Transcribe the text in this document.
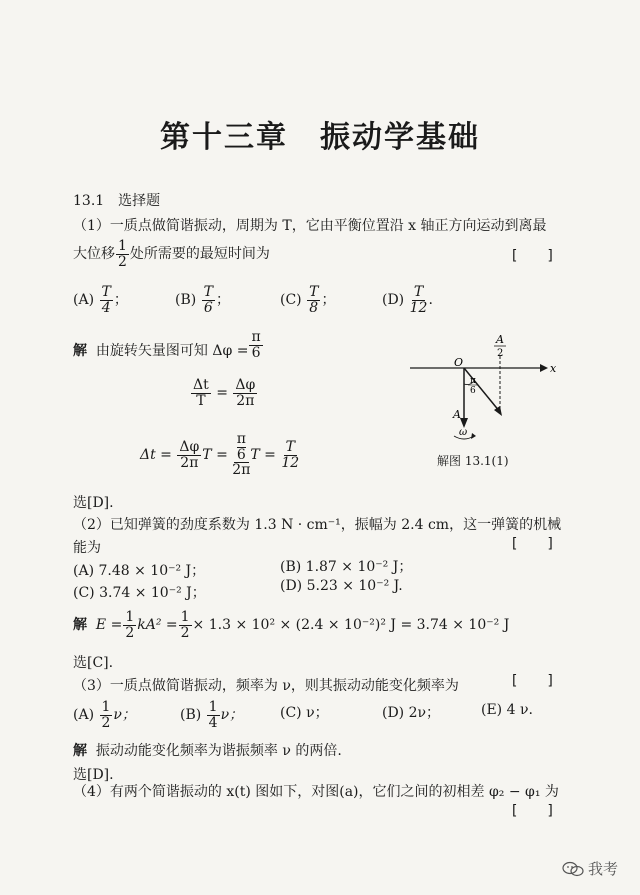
第十三章　振动学基础
13.1　选择题
（1）一质点做简谐振动，周期为 T，它由平衡位置沿 x 轴正方向运动到离最
大位移 $\frac{1}{2}$ 处所需要的最短时间为	[　　]
$(A) \frac{T}{4}$ ；	$(B) \frac{T}{6}$ ；	$(C) \frac{T}{8}$ ；	$(D) \frac{T}{12}$ .
解 由旋转矢量图可知 $\Delta\varphi = \frac{\pi}{6}$
$\frac{\Delta t}{T} = \frac{\Delta\varphi}{2\pi}$
$\Delta t = \frac{\Delta\varphi}{2\pi}$ T = π
6
2π $T = \frac{T}{12}$
A
2
x
O
π
6
A
ω
解图 13.1(1)
选[D].
（2）已知弹簧的劲度系数为 1.3 N · cm⁻¹，振幅为 2.4 cm，这一弹簧的机械
能为	[　　]
(A) 7.48 × 10⁻² J；	(B) 1.87 × 10⁻² J；
(C) 3.74 × 10⁻² J；	(D) 5.23 × 10⁻² J.
解 $E = \frac{1}{2} kA^2 = \frac{1}{2} \times 1.3 \times 10^2 \times (2.4 \times 10^{-2})^2$ J = 3.74 × 10⁻² J
选[C].
（3）一质点做简谐振动，频率为 ν，则其振动动能变化频率为	[　　]
$(A) \frac{1}{2}$ ν；	$(B) \frac{1}{4}$ ν；	(C) ν；	(D) 2ν；	(E) 4 ν.
解 振动动能变化频率为谐振频率 ν 的两倍.
选[D].
（4）有两个简谐振动的 x(t) 图如下，对图(a)，它们之间的初相差 φ₂ − φ₁ 为
[　　]
我考
